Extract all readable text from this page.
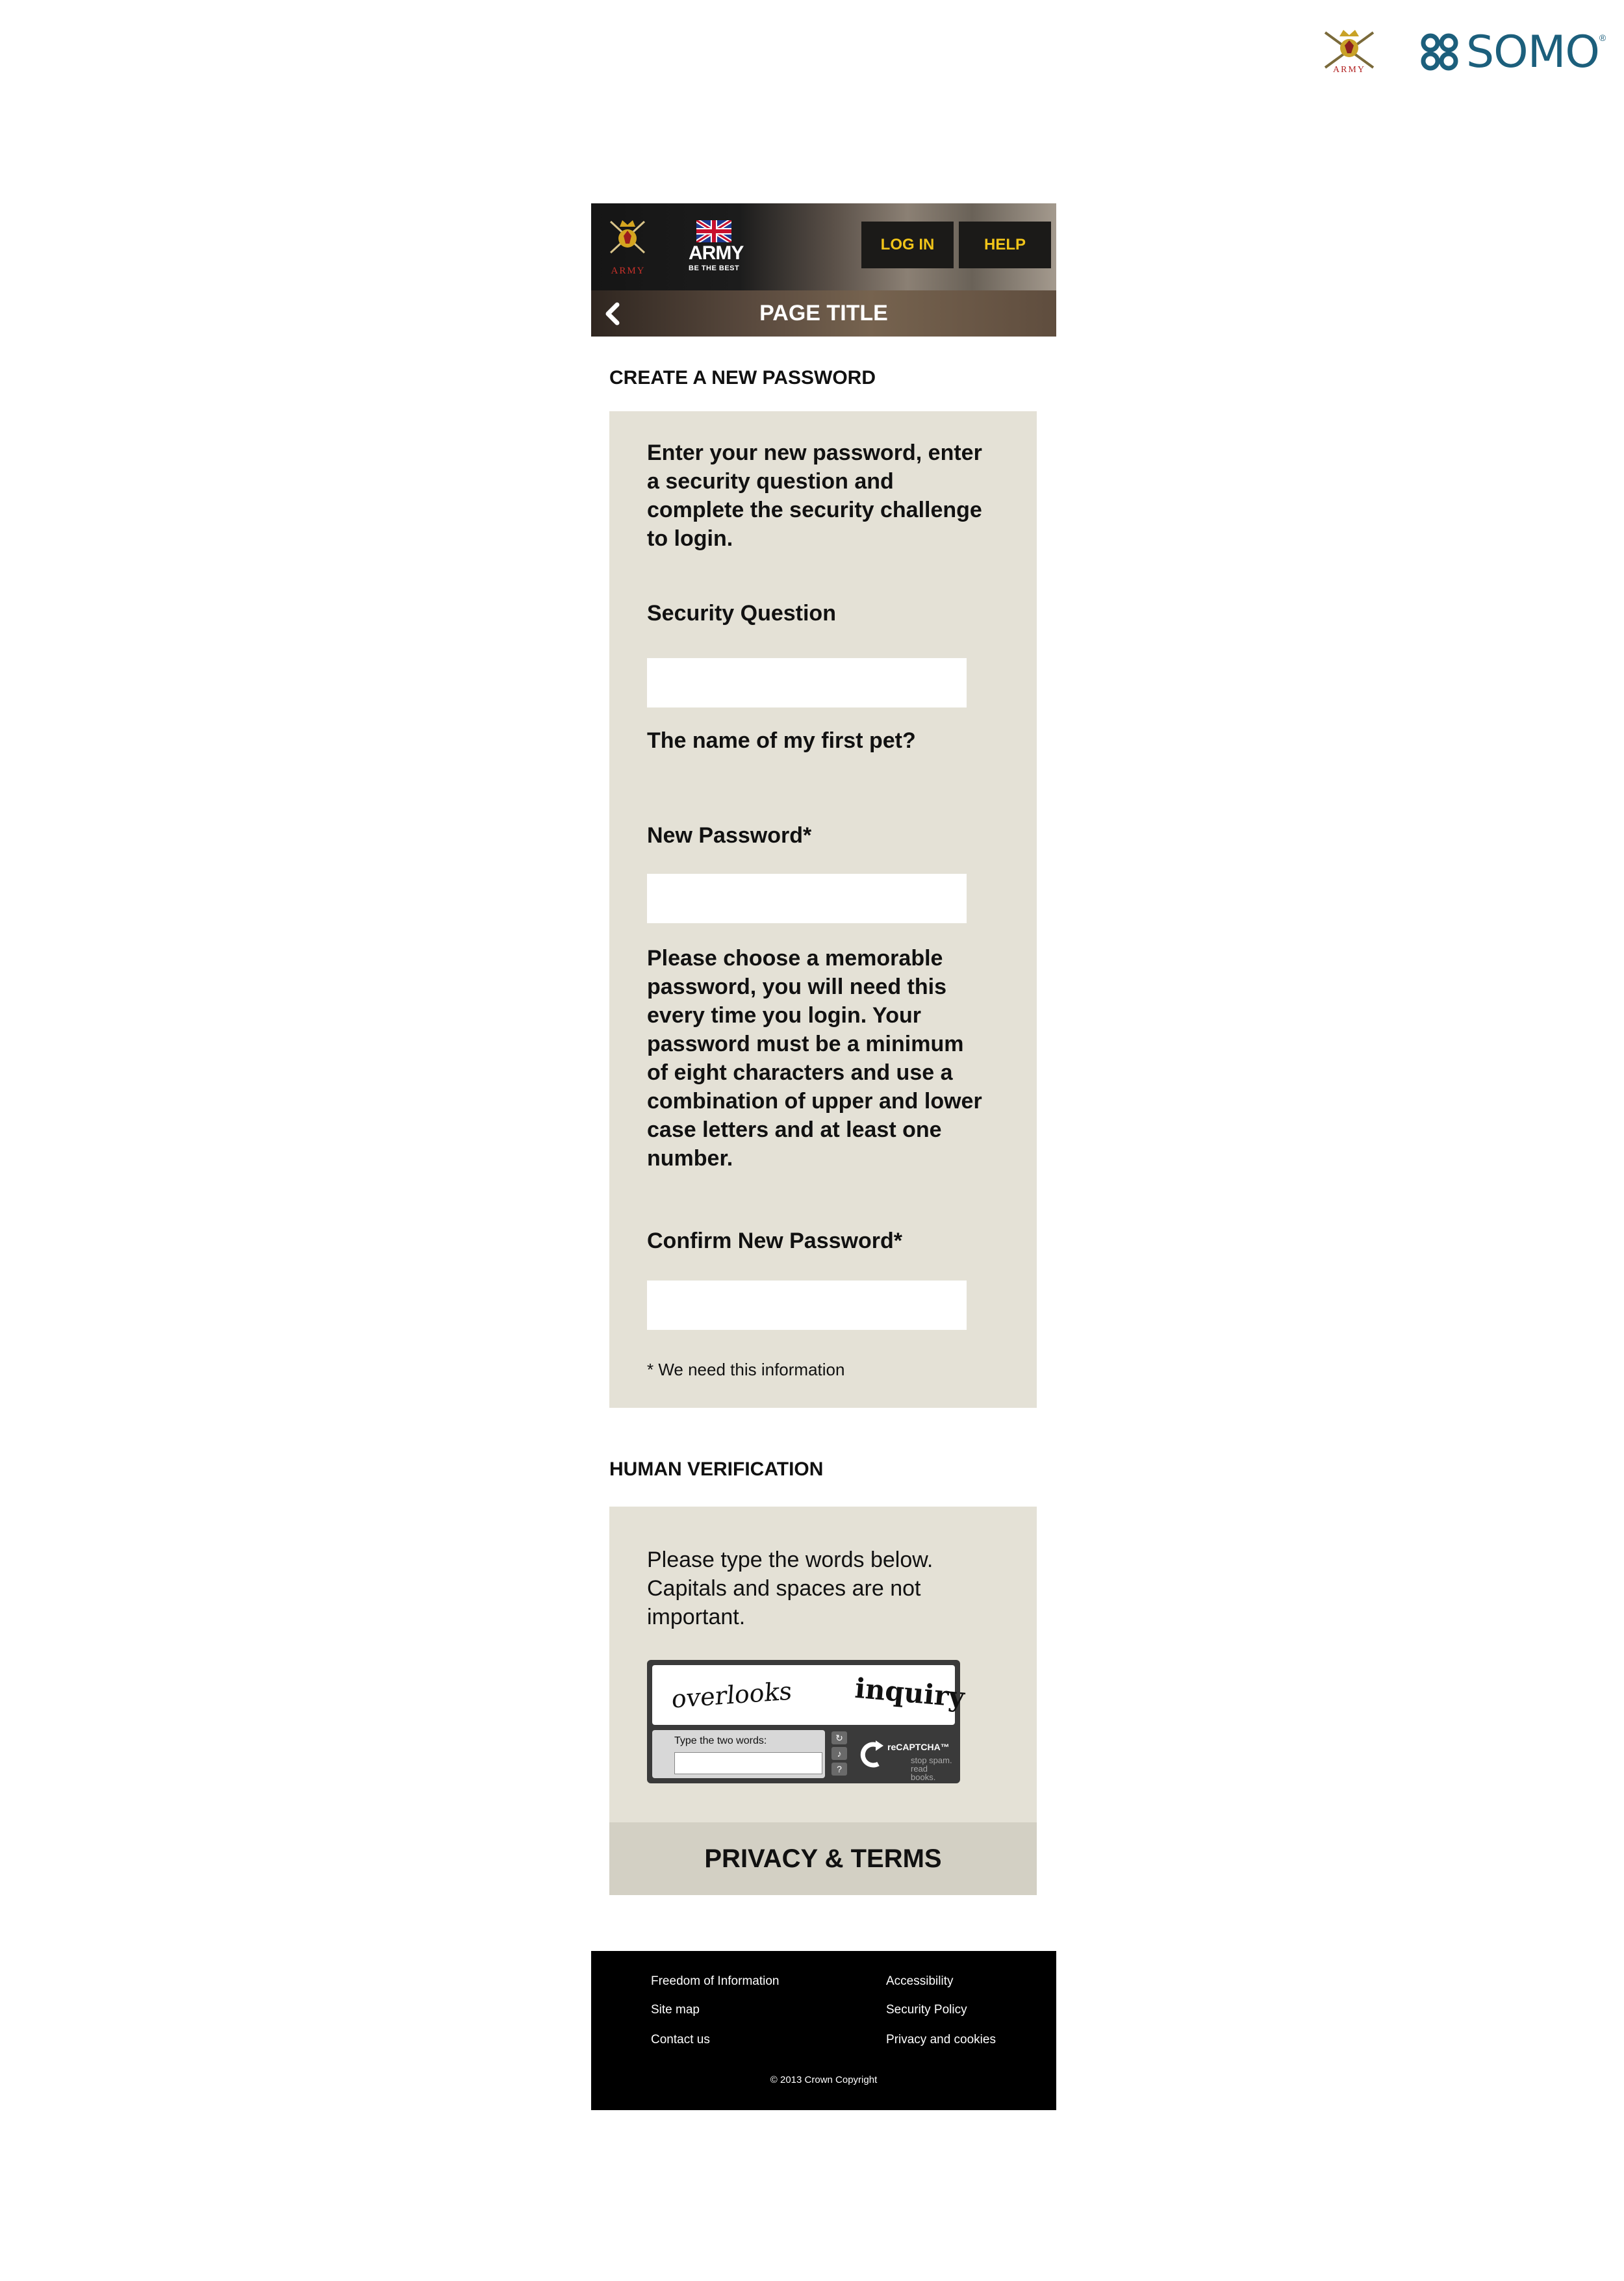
ARMY SOMO ®
ARMY
ARMY
BE THE BEST
LOG IN	HELP
PAGE TITLE
CREATE A NEW PASSWORD
Enter your new password, enter a security question and complete the security challenge to login.
Security Question
The name of my first pet?
New Password*
Please choose a memorable password, you will need this every time you login. Your password must be a minimum of eight characters and use a combination of upper and lower case letters and at least one number.
Confirm New Password*
* We need this information
HUMAN VERIFICATION
Please type the words below. Capitals and spaces are not important.
overlooks inquiry
Type the two words:	↻
♪
?
reCAPTCHA™
stop spam.
read books.
PRIVACY & TERMS
Freedom of Information
Site map
Contact us
Accessibility
Security Policy
Privacy and cookies
© 2013 Crown Copyright
